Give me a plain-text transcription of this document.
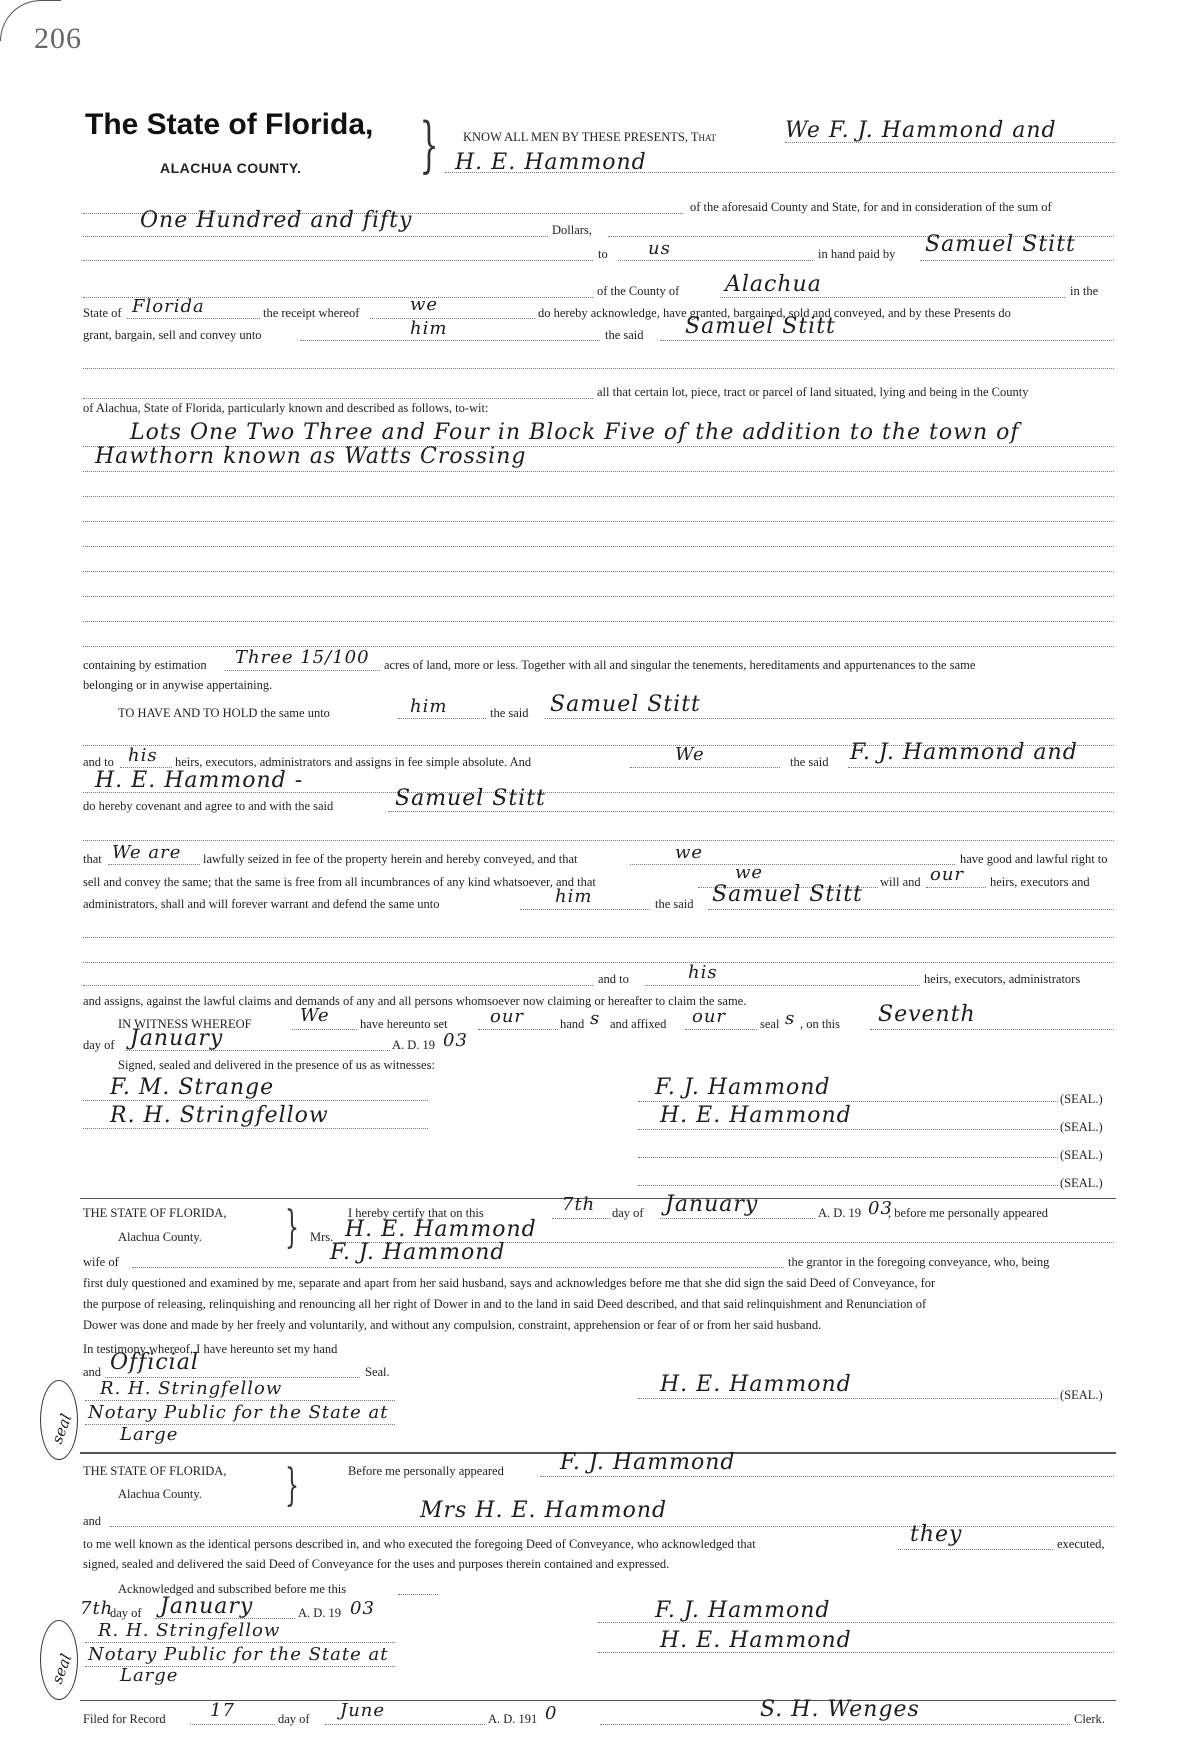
206
The State of Florida,
ALACHUA COUNTY. } KNOW ALL MEN BY THESE PRESENTS, That	We F. J. Hammond and
H. E. Hammond
of the aforesaid County and State, for and in consideration of the sum of
One Hundred and fifty	Dollars,
to us	in hand paid by Samuel Stitt
of the County of Alachua	in the
State of Florida	the receipt whereof	we	do hereby acknowledge, have granted, bargained, sold and conveyed, and by these Presents do
grant, bargain, sell and convey unto	him	the said Samuel Stitt
all that certain lot, piece, tract or parcel of land situated, lying and being in the County
of Alachua, State of Florida, particularly known and described as follows, to-wit:
Lots One Two Three and Four in Block Five of the addition to the town of
Hawthorn known as Watts Crossing
containing by estimation Three 15/100 acres of land, more or less. Together with all and singular the tenements, hereditaments and appurtenances to the same
belonging or in anywise appertaining.
TO HAVE AND TO HOLD the same unto	him	the said Samuel Stitt
and to his heirs, executors, administrators and assigns in fee simple absolute. And	We	the said F. J. Hammond and
H. E. Hammond -
do hereby covenant and agree to and with the said	Samuel Stitt
that We are lawfully seized in fee of the property herein and hereby conveyed, and that	we	have good and lawful right to
sell and convey the same; that the same is free from all incumbrances of any kind whatsoever, and that	we	will and our heirs, executors and
administrators, shall and will forever warrant and defend the same unto	him	the said Samuel Stitt
and to	his	heirs, executors, administrators
and assigns, against the lawful claims and demands of any and all persons whomsoever now claiming or hereafter to claim the same.
IN WITNESS WHEREOF	We have hereunto set our	hand s and affixed our	seal s , on this Seventh
day of January	A. D. 19 03
Signed, sealed and delivered in the presence of us as witnesses:
F. M. Strange
R. H. Stringfellow
F. J. Hammond	(SEAL.)
H. E. Hammond	(SEAL.)
(SEAL.)
(SEAL.)
THE STATE OF FLORIDA,
Alachua County. }	I hereby certify that on this	7th day of January	A. D. 19 03
, before me personally appeared
Mrs. H. E. Hammond
wife of	F. J. Hammond	the grantor in the foregoing conveyance, who, being
first duly questioned and examined by me, separate and apart from her said husband, says and acknowledges before me that she did sign the said Deed of Conveyance, for
the purpose of releasing, relinquishing and renouncing all her right of Dower in and to the land in said Deed described, and that said relinquishment and Renunciation of
Dower was done and made by her freely and voluntarily, and without any compulsion, constraint, apprehension or fear of or from her said husband.
In testimony whereof, I have hereunto set my hand
and Official	Seal.
R. H. Stringfellow
Notary Public for the State at
Large
seal
H. E. Hammond	(SEAL.)
THE STATE OF FLORIDA,
Alachua County. }	Before me personally appeared	F. J. Hammond
and	Mrs H. E. Hammond
to me well known as the identical persons described in, and who executed the foregoing Deed of Conveyance, who acknowledged that	they	executed,
signed, sealed and delivered the said Deed of Conveyance for the uses and purposes therein contained and expressed.
Acknowledged and subscribed before me this
7th
day of January	A. D. 19 03
R. H. Stringfellow
Notary Public for the State at
Large
seal
F. J. Hammond
H. E. Hammond
Filed for Record 17	day of June	A. D. 191 0	S. H. Wenges	Clerk.
